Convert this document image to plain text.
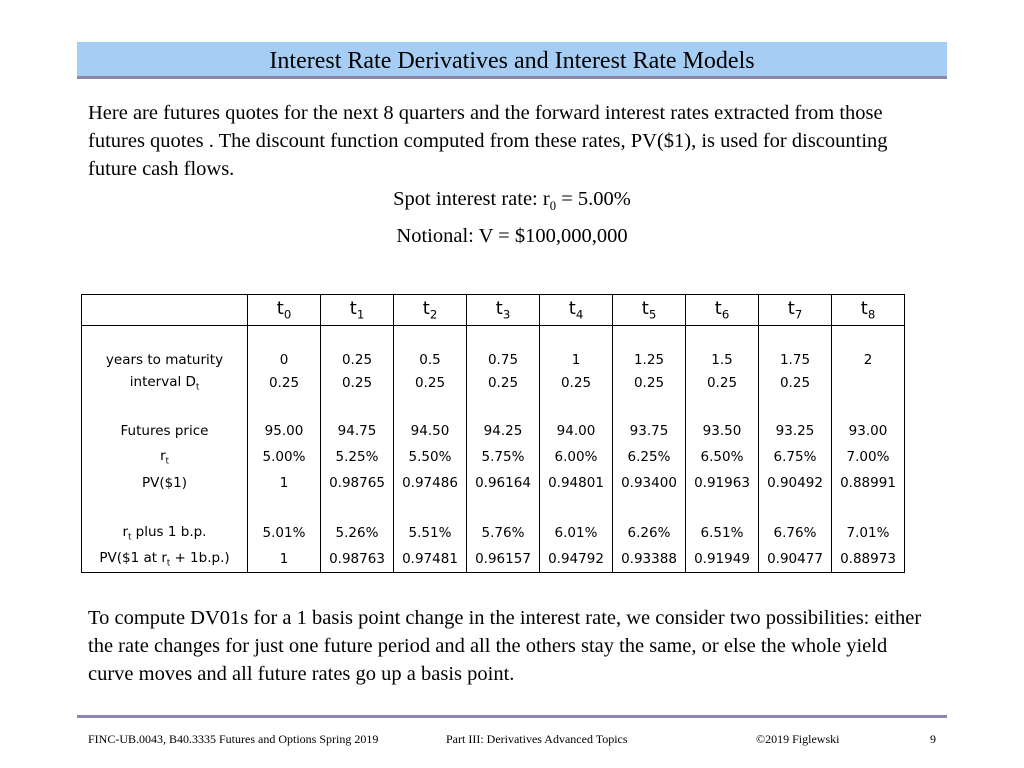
Interest Rate Derivatives and Interest Rate Models

Here are futures quotes for the next 8 quarters and the forward interest rates extracted from those futures quotes . The discount function computed from these rates, PV($1), is used for discounting future cash flows.

Spot interest rate: $r_0 = 5.00\%$

Notional: V = $100,000,000

	$t_0$	$t_1$	$t_2$	$t_3$	$t_4$	$t_5$	$t_6$	$t_7$	$t_8$

years to maturity	0	0.25	0.5	0.75	1	1.25	1.5	1.75	2
interval $D_t$	0.25	0.25	0.25	0.25	0.25	0.25	0.25	0.25	

Futures price	95.00	94.75	94.50	94.25	94.00	93.75	93.50	93.25	93.00
$r_t$	5.00%	5.25%	5.50%	5.75%	6.00%	6.25%	6.50%	6.75%	7.00%
PV($1)	1	0.98765	0.97486	0.96164	0.94801	0.93400	0.91963	0.90492	0.88991

$r_t$ plus 1 b.p.	5.01%	5.26%	5.51%	5.76%	6.01%	6.26%	6.51%	6.76%	7.01%
PV($1 at $r_t + 1b.p$.)	1	0.98763	0.97481	0.96157	0.94792	0.93388	0.91949	0.90477	0.88973

To compute DV01s for a 1 basis point change in the interest rate, we consider two possibilities: either the rate changes for just one future period and all the others stay the same, or else the whole yield curve moves and all future rates go up a basis point.

FINC-UB.0043, B40.3335 Futures and Options Spring 2019	Part III: Derivatives Advanced Topics	©2019 Figlewski	9
